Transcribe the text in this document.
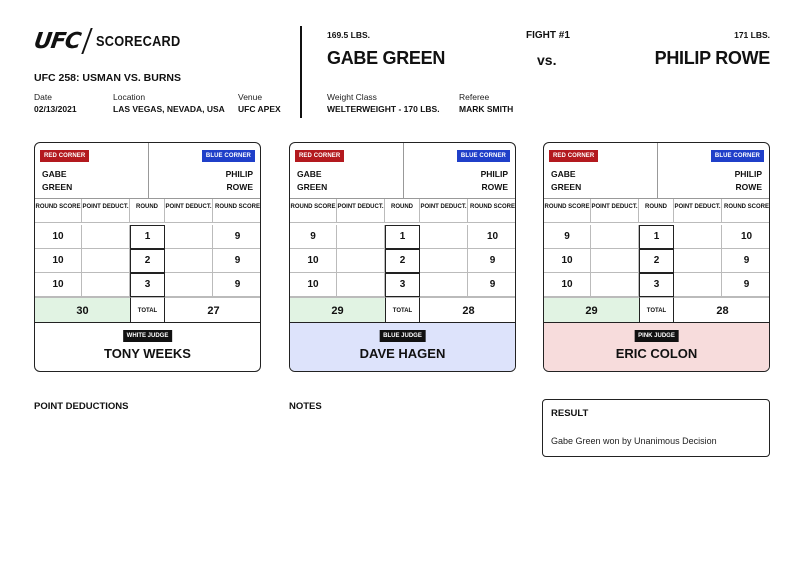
UFC SCORECARD
UFC 258: USMAN VS. BURNS
Date
02/13/2021
Location
LAS VEGAS, NEVADA, USA
Venue
UFC APEX
169.5 LBS.
GABE GREEN
FIGHT #1
vs.
171 LBS.
PHILIP ROWE
Weight Class
WELTERWEIGHT - 170 LBS.
Referee
MARK SMITH
RED CORNER	BLUE CORNER
GABE
GREEN
PHILIP
ROWE
ROUND SCORE POINT DEDUCT.	ROUND	POINT DEDUCT. ROUND SCORE
10	1	9
10	2	9
10	3	9
30	TOTAL	27
WHITE JUDGE
TONY WEEKS
RED CORNER	BLUE CORNER
GABE
GREEN
PHILIP
ROWE
ROUND SCORE POINT DEDUCT.	ROUND	POINT DEDUCT. ROUND SCORE
9	1	10
10	2	9
10	3	9
29	TOTAL	28
BLUE JUDGE
DAVE HAGEN
RED CORNER	BLUE CORNER
GABE
GREEN
PHILIP
ROWE
ROUND SCORE POINT DEDUCT.	ROUND	POINT DEDUCT. ROUND SCORE
9	1	10
10	2	9
10	3	9
29	TOTAL	28
PINK JUDGE
ERIC COLON
POINT DEDUCTIONS	NOTES
RESULT
Gabe Green won by Unanimous Decision
